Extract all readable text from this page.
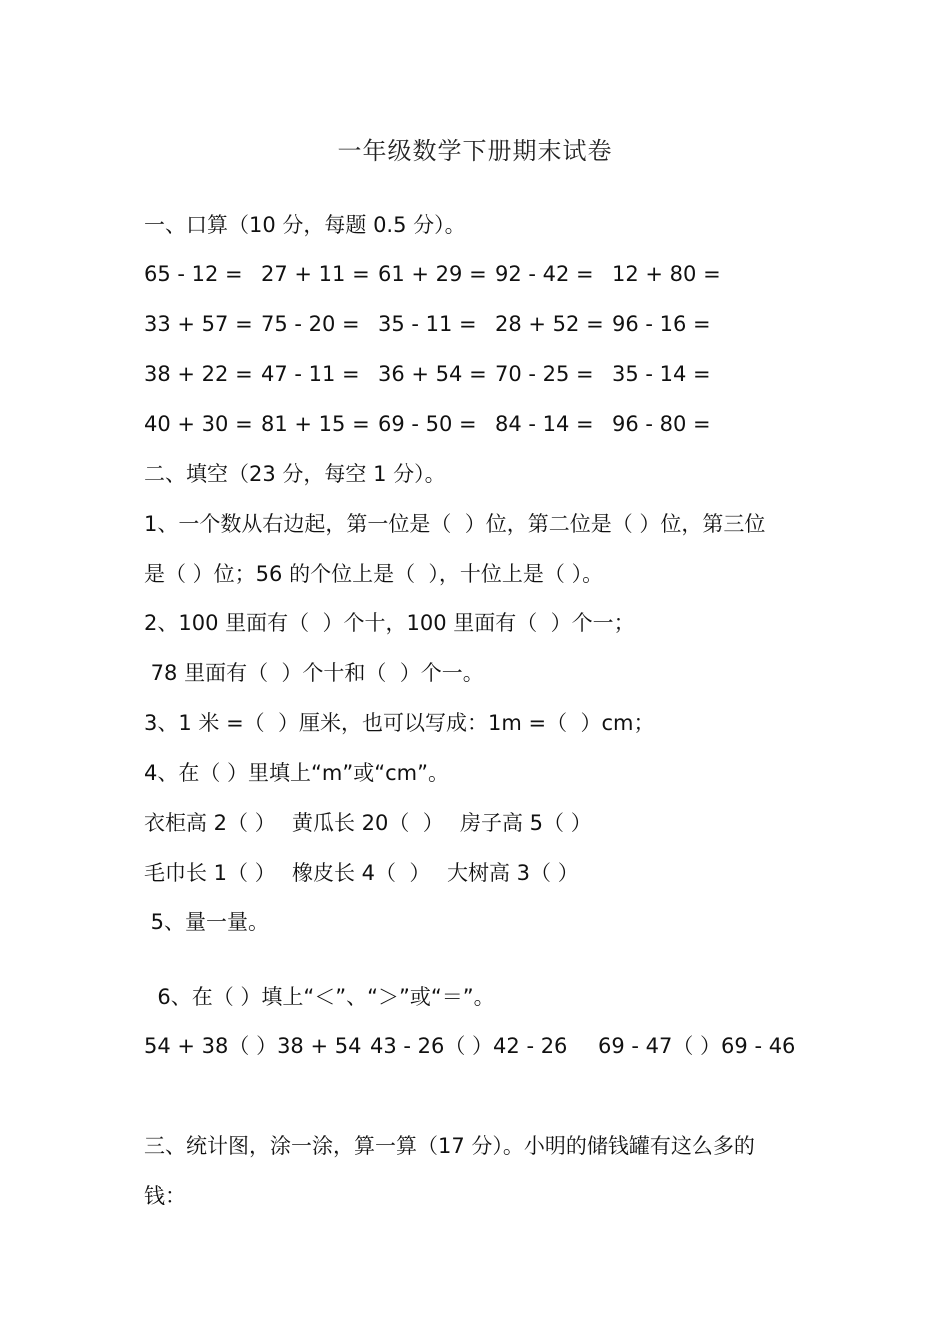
一年级数学下册期末试卷
一、口算（10 分，每题 0.5 分）。
65 - 12 = 27 + 11 = 61 + 29 = 92 - 42 = 12 + 80 =
33 + 57 = 75 - 20 = 35 - 11 = 28 + 52 = 96 - 16 =
38 + 22 = 47 - 11 = 36 + 54 = 70 - 25 = 35 - 14 =
40 + 30 = 81 + 15 = 69 - 50 = 84 - 14 = 96 - 80 =
二、填空（23 分，每空 1 分）。
1、一个数从右边起，第一位是（  ）位，第二位是（ ）位，第三位
是（ ）位；56 的个位上是（  ），十位上是（ ）。
2、100 里面有（  ）个十，100 里面有（  ）个一；
78 里面有（  ）个十和（  ）个一。
3、1 米 =（  ）厘米，也可以写成：1m =（  ）cm；
4、在（ ）里填上“m”或“cm”。
衣柜高 2（ ） 黄瓜长 20（  ） 房子高 5（ ）
毛巾长 1（ ） 橡皮长 4（  ） 大树高 3（ ）
5、量一量。
6、在（ ）填上“＜”、“＞”或“＝”。
54 + 38（ ）38 + 54 43 - 26（ ）42 - 26 69 - 47（ ）69 - 46
三、统计图，涂一涂，算一算（17 分）。小明的储钱罐有这么多的
钱：
